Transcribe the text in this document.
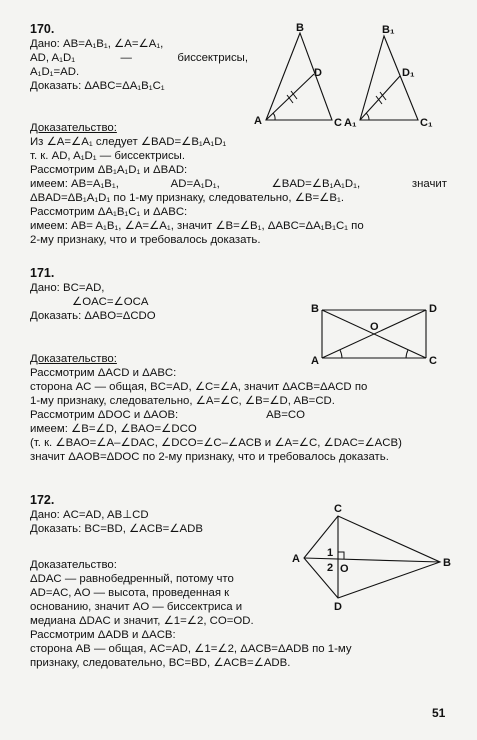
170.
Дано: AB=A₁B₁, ∠A=∠A₁,
AD, A₁D₁	—	биссектрисы,
A₁D₁=AD.
Доказать: ΔABC=ΔA₁B₁C₁
B
D
A	C
B₁
D₁
A₁	C₁
Доказательство:
Из ∠A=∠A₁ следует ∠BAD=∠B₁A₁D₁
т. к. AD, A₁D₁ — биссектрисы.
Рассмотрим ΔB₁A₁D₁ и ΔBAD:
имеем: AB=A₁B₁,	AD=A₁D₁,	∠BAD=∠B₁A₁D₁,	значит
ΔBAD=ΔB₁A₁D₁ по 1-му признаку, следовательно, ∠B=∠B₁.
Рассмотрим ΔA₁B₁C₁ и ΔABC:
имеем: AB= A₁B₁, ∠A=∠A₁, значит ∠B=∠B₁, ΔABC=ΔA₁B₁C₁ по
2-му признаку, что и требовалось доказать.
171.
Дано: BC=AD,
∠OAC=∠OCA
Доказать: ΔABO=ΔCDO
B	D
O
A	C
Доказательство:
Рассмотрим ΔACD и ΔABC:
сторона AC — общая, BC=AD, ∠C=∠A, значит ΔACB=ΔACD по
1-му признаку, следовательно, ∠A=∠C, ∠B=∠D, AB=CD.
Рассмотрим ΔDOC и ΔAOB:	AB=CO
имеем: ∠B=∠D, ∠BAO=∠DCO
(т. к. ∠BAO=∠A–∠DAC, ∠DCO=∠C–∠ACB и ∠A=∠C, ∠DAC=∠ACB)
значит ΔAOB=ΔDOC по 2-му признаку, что и требовалось доказать.
172.
Дано: AC=AD, AB⊥CD
Доказать: BC=BD, ∠ACB=∠ADB
C
A 1
2 O	B
D
Доказательство:
ΔDAC — равнобедренный, потому что
AD=AC, AO — высота, проведенная к
основанию, значит AO — биссектриса и
медиана ΔDAC и значит, ∠1=∠2, CO=OD.
Рассмотрим ΔADB и ΔACB:
сторона AB — общая, AC=AD, ∠1=∠2, ΔACB=ΔADB по 1-му
признаку, следовательно, BC=BD, ∠ACB=∠ADB.
51
